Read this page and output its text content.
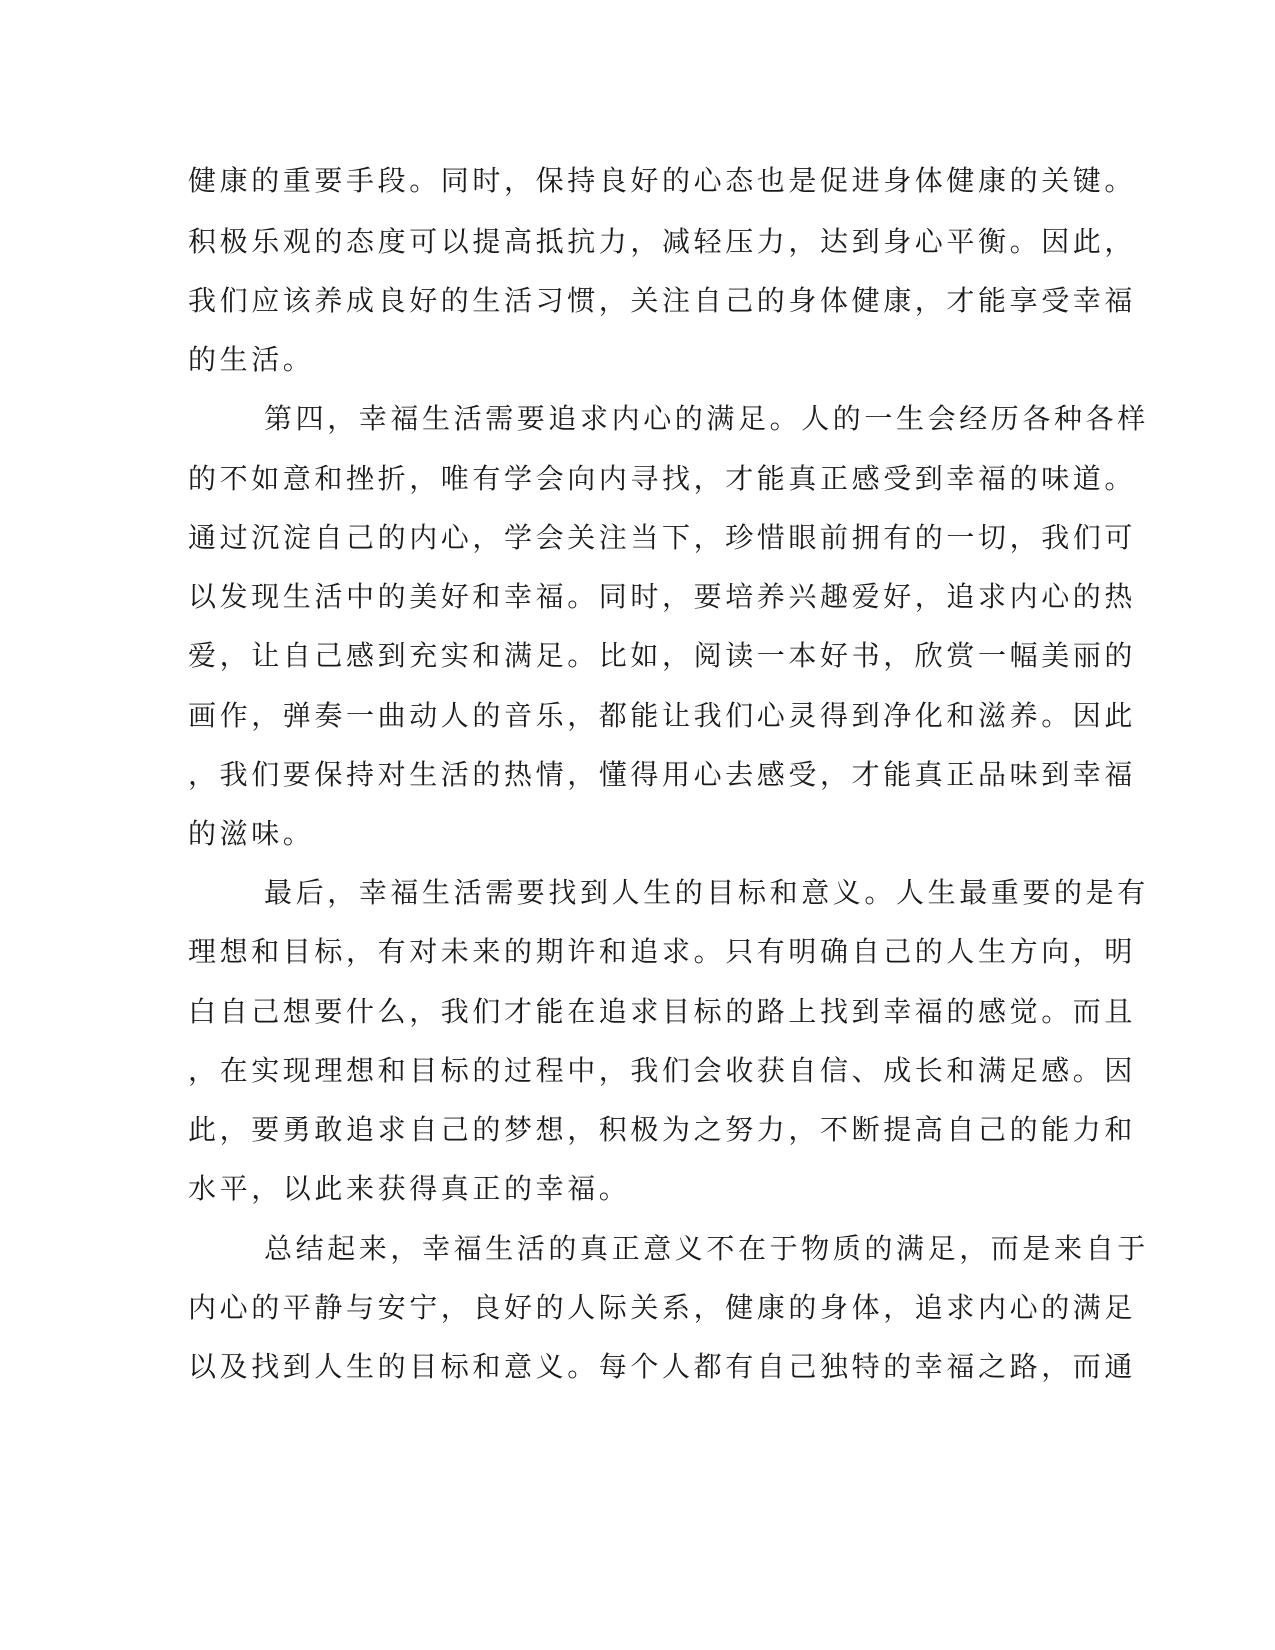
健康的重要手段。同时，保持良好的心态也是促进身体健康的关键。
积极乐观的态度可以提高抵抗力，减轻压力，达到身心平衡。因此，
我们应该养成良好的生活习惯，关注自己的身体健康，才能享受幸福
的生活。
第四，幸福生活需要追求内心的满足。人的一生会经历各种各样
的不如意和挫折，唯有学会向内寻找，才能真正感受到幸福的味道。
通过沉淀自己的内心，学会关注当下，珍惜眼前拥有的一切，我们可
以发现生活中的美好和幸福。同时，要培养兴趣爱好，追求内心的热
爱，让自己感到充实和满足。比如，阅读一本好书，欣赏一幅美丽的
画作，弹奏一曲动人的音乐，都能让我们心灵得到净化和滋养。因此
，我们要保持对生活的热情，懂得用心去感受，才能真正品味到幸福
的滋味。
最后，幸福生活需要找到人生的目标和意义。人生最重要的是有
理想和目标，有对未来的期许和追求。只有明确自己的人生方向，明
白自己想要什么，我们才能在追求目标的路上找到幸福的感觉。而且
，在实现理想和目标的过程中，我们会收获自信、成长和满足感。因
此，要勇敢追求自己的梦想，积极为之努力，不断提高自己的能力和
水平，以此来获得真正的幸福。
总结起来，幸福生活的真正意义不在于物质的满足，而是来自于
内心的平静与安宁，良好的人际关系，健康的身体，追求内心的满足
以及找到人生的目标和意义。每个人都有自己独特的幸福之路，而通
